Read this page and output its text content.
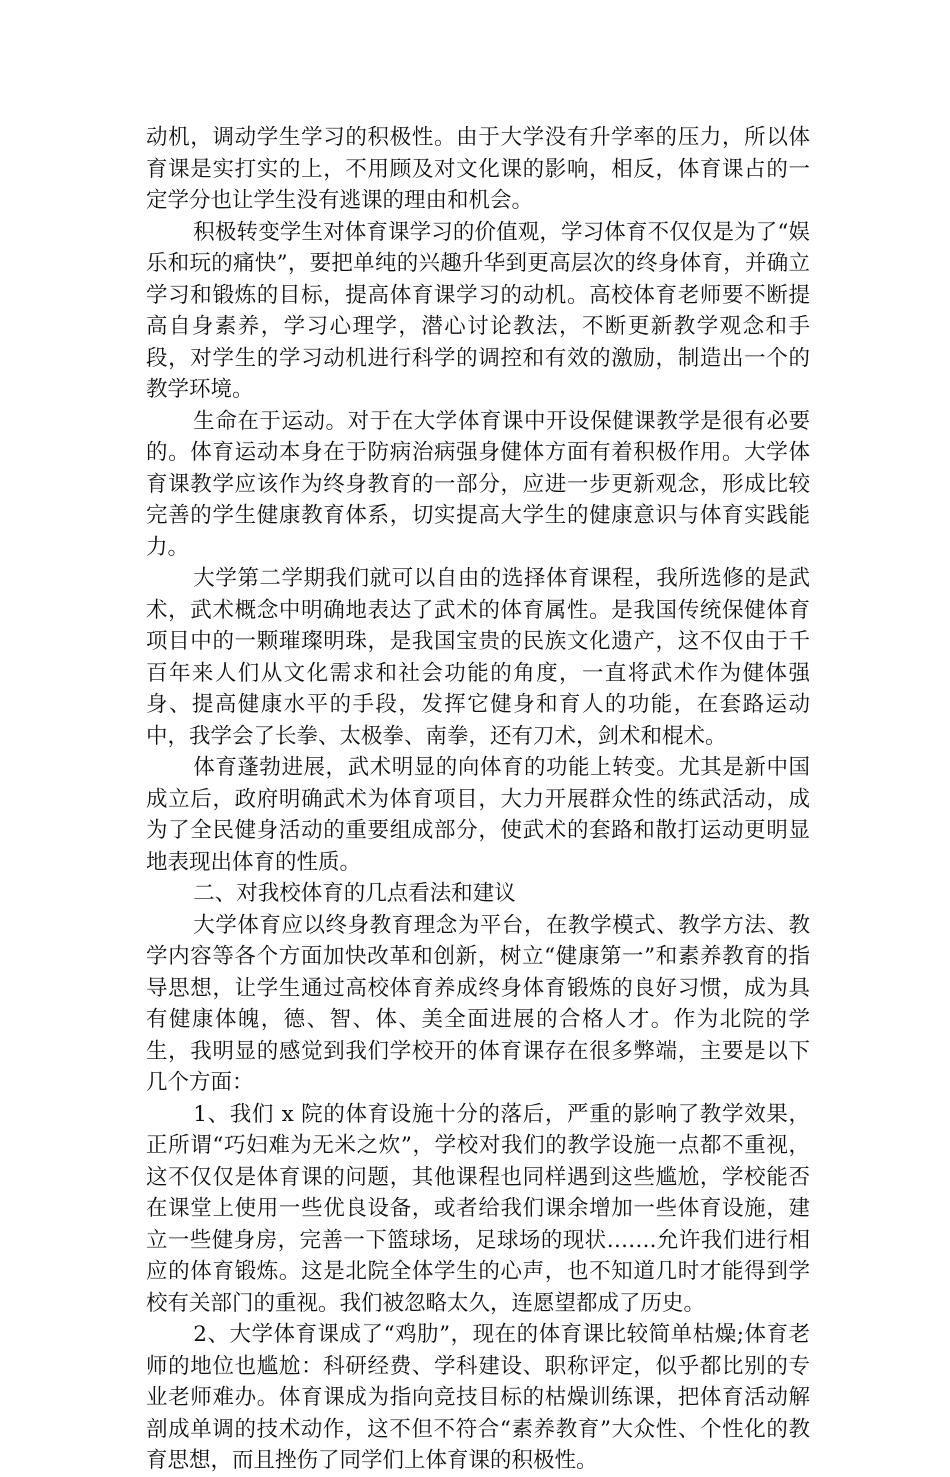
动机，调动学生学习的积极性。由于大学没有升学率的压力，所以体育课是实打实的上，不用顾及对文化课的影响，相反，体育课占的一定学分也让学生没有逃课的理由和机会。

积极转变学生对体育课学习的价值观，学习体育不仅仅是为了“娱乐和玩的痛快”，要把单纯的兴趣升华到更高层次的终身体育，并确立学习和锻炼的目标，提高体育课学习的动机。高校体育老师要不断提高自身素养，学习心理学，潜心讨论教法，不断更新教学观念和手段，对学生的学习动机进行科学的调控和有效的激励，制造出一个的教学环境。

生命在于运动。对于在大学体育课中开设保健课教学是很有必要的。体育运动本身在于防病治病强身健体方面有着积极作用。大学体育课教学应该作为终身教育的一部分，应进一步更新观念，形成比较完善的学生健康教育体系，切实提高大学生的健康意识与体育实践能力。

大学第二学期我们就可以自由的选择体育课程，我所选修的是武术，武术概念中明确地表达了武术的体育属性。是我国传统保健体育项目中的一颗璀璨明珠，是我国宝贵的民族文化遗产，这不仅由于千百年来人们从文化需求和社会功能的角度，一直将武术作为健体强身、提高健康水平的手段，发挥它健身和育人的功能，在套路运动中，我学会了长拳、太极拳、南拳，还有刀术，剑术和棍术。

体育蓬勃进展，武术明显的向体育的功能上转变。尤其是新中国成立后，政府明确武术为体育项目，大力开展群众性的练武活动，成为了全民健身活动的重要组成部分，使武术的套路和散打运动更明显地表现出体育的性质。

二、对我校体育的几点看法和建议

大学体育应以终身教育理念为平台，在教学模式、教学方法、教学内容等各个方面加快改革和创新，树立“健康第一”和素养教育的指导思想，让学生通过高校体育养成终身体育锻炼的良好习惯，成为具有健康体魄，德、智、体、美全面进展的合格人才。作为北院的学生，我明显的感觉到我们学校开的体育课存在很多弊端，主要是以下几个方面：

1、我们 x 院的体育设施十分的落后，严重的影响了教学效果，正所谓“巧妇难为无米之炊”，学校对我们的教学设施一点都不重视，这不仅仅是体育课的问题，其他课程也同样遇到这些尴尬，学校能否在课堂上使用一些优良设备，或者给我们课余增加一些体育设施，建立一些健身房，完善一下篮球场，足球场的现状…….允许我们进行相应的体育锻炼。这是北院全体学生的心声，也不知道几时才能得到学校有关部门的重视。我们被忽略太久，连愿望都成了历史。

2、大学体育课成了“鸡肋”，现在的体育课比较简单枯燥;体育老师的地位也尴尬：科研经费、学科建设、职称评定，似乎都比别的专业老师难办。体育课成为指向竞技目标的枯燥训练课，把体育活动解剖成单调的技术动作，这不但不符合“素养教育”大众性、个性化的教育思想，而且挫伤了同学们上体育课的积极性。
